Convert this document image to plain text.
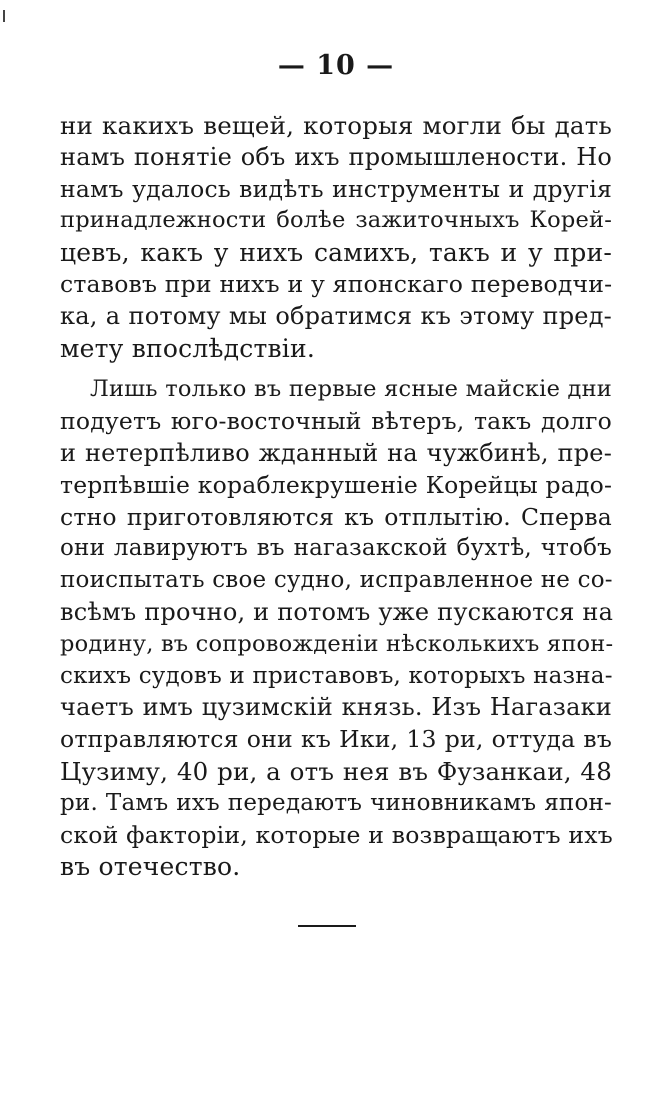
— 10 —
ни какихъ вещей, которыя могли бы дать
намъ понятіе объ ихъ промышлености. Но
намъ удалось видѣть инструменты и другія
принадлежности болѣе зажиточныхъ Корей-
цевъ, какъ у нихъ самихъ, такъ и у при-
ставовъ при нихъ и у японскаго переводчи-
ка, а потому мы обратимся къ этому пред-
мету впослѣдствіи.
Лишь только въ первые ясные майскіе дни
подуетъ юго-восточный вѣтеръ, такъ долго
и нетерпѣливо жданный на чужбинѣ, пре-
терпѣвшіе кораблекрушеніе Корейцы радо-
стно приготовляются къ отплытію. Сперва
они лавируютъ въ нагазакской бухтѣ, чтобъ
поиспытать свое судно, исправленное не со-
всѣмъ прочно, и потомъ уже пускаются на
родину, въ сопровожденіи нѣсколькихъ япон-
скихъ судовъ и приставовъ, которыхъ назна-
чаетъ имъ цузимскій князь. Изъ Нагазаки
отправляются они къ Ики, 13 ри, оттуда въ
Цузиму, 40 ри, а отъ нея въ Фузанкаи, 48
ри. Тамъ ихъ передаютъ чиновникамъ япон-
ской факторіи, которые и возвращаютъ ихъ
въ отечество.
